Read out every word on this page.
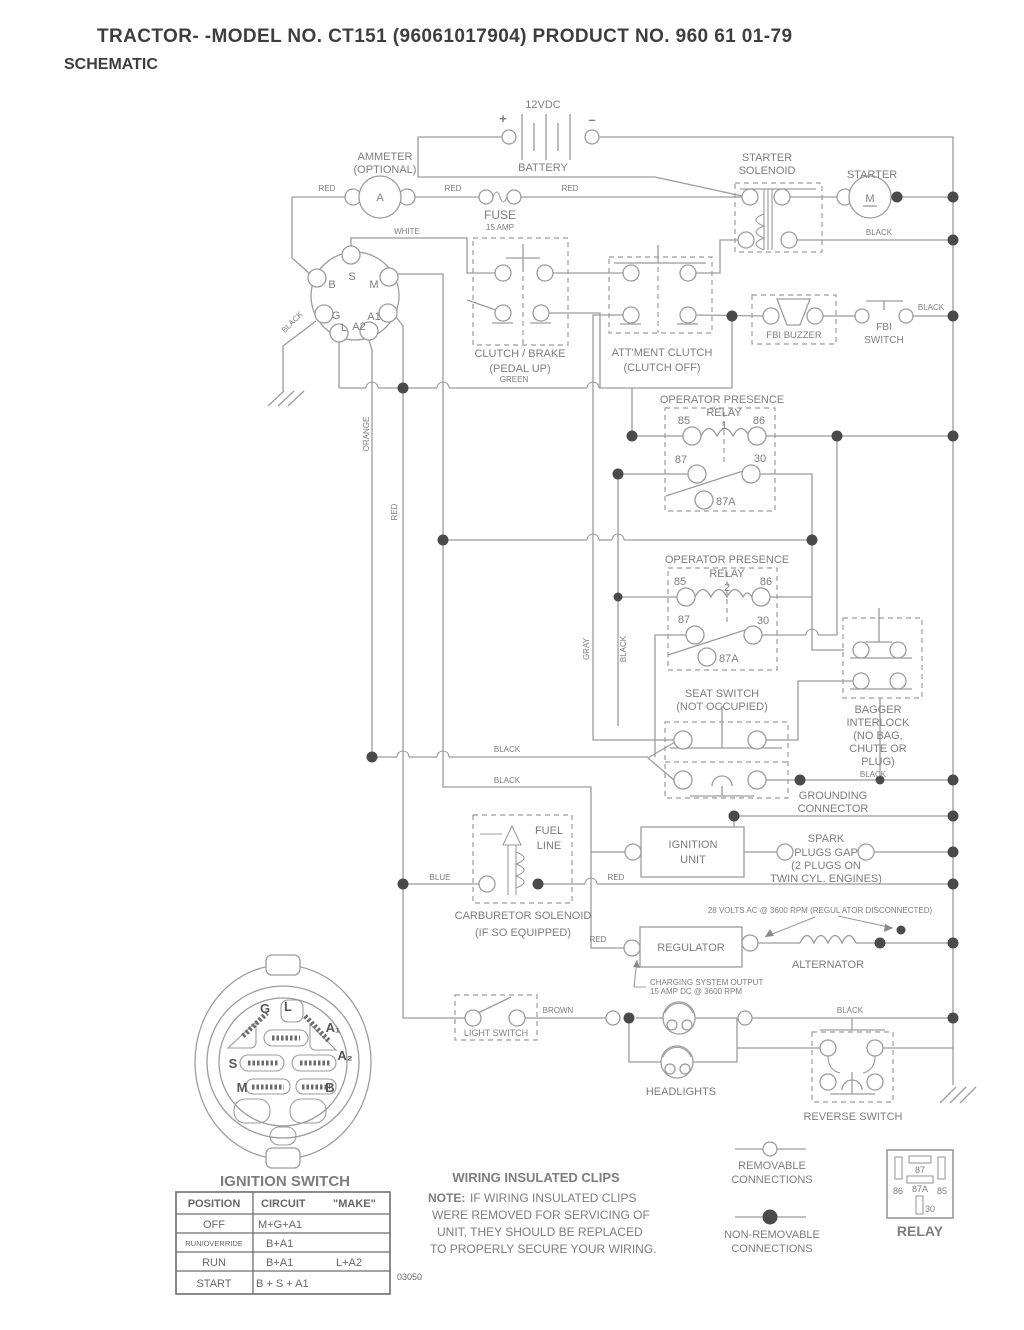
TRACTOR- -MODEL NO. CT151 (96061017904) PRODUCT NO. 960 61 01-79
SCHEMATIC
12VDC
+	–
BATTERY
AMMETER
(OPTIONAL)
A
RED	RED	RED
FUSE
15 AMP
STARTER
SOLENOID	STARTER
M
BLACK
WHITE
S
B	M
G A1
L A2
BLACK
CLUTCH / BRAKE
(PEDAL UP)
GREEN
ATT'MENT CLUTCH
(CLUTCH OFF)
FBI BUZZER
FBI
SWITCH
BLACK
ORANGE
RED
GRAY	BLACK
OPERATOR PRESENCE
RELAY
1
85	86
87	30
87A
OPERATOR PRESENCE
RELAY
2
85	86
87	30
87A
SEAT SWITCH
(NOT OCCUPIED)	BAGGER
INTERLOCK
(NO BAG,
CHUTE OR
PLUG)
BLACK
BLACK
BLACK
GROUNDING
CONNECTOR
FUEL
LINE
BLUE	RED
CARBURETOR SOLENOID
(IF SO EQUIPPED)
RED
IGNITION
UNIT
SPARK
PLUGS GAP
(2 PLUGS ON
TWIN CYL. ENGINES)
28 VOLTS AC @ 3600 RPM (REGUL ATOR DISCONNECTED)
REGULATOR
ALTERNATOR
CHARGING SYSTEM OUTPUT
15 AMP DC @ 3600 RPM
LIGHT SWITCH
BROWN
HEADLIGHTS
BLACK
REVERSE SWITCH
G L
A₁
A₂
S
M	B
IGNITION SWITCH
POSITION CIRCUIT "MAKE"
OFF	M+G+A1
RUN/OVERRIDE B+A1
RUN	B+A1	L+A2
START B + S + A1
03050
WIRING INSULATED CLIPS
NOTE: IF WIRING INSULATED CLIPS
WERE REMOVED FOR SERVICING OF
UNIT, THEY SHOULD BE REPLACED
TO PROPERLY SECURE YOUR WIRING.
REMOVABLE
CONNECTIONS
NON-REMOVABLE
CONNECTIONS
87
87A
86	85
30
RELAY
